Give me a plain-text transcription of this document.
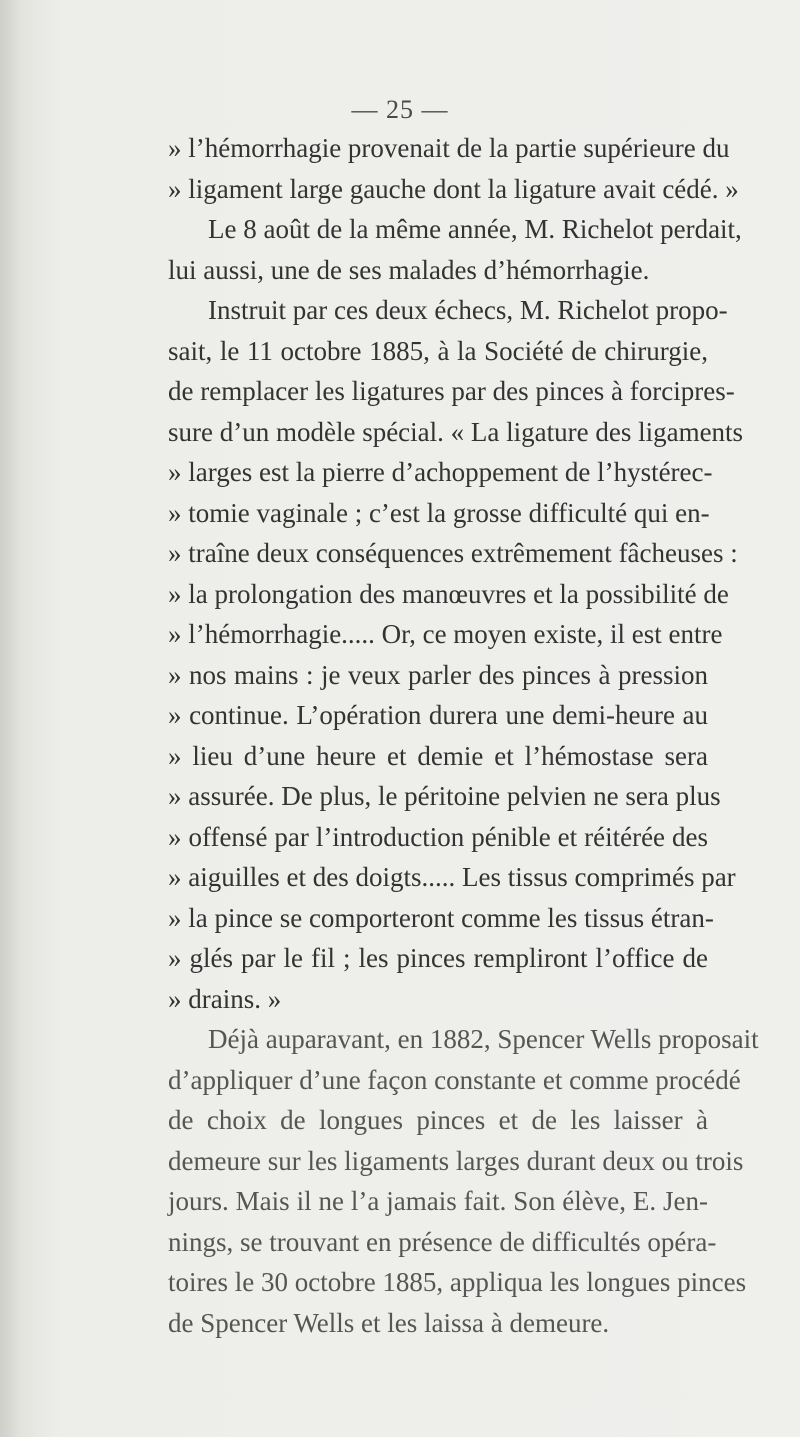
— 25 —
» l’hémorrhagie provenait de la partie supérieure du
» ligament large gauche dont la ligature avait cédé. »
Le 8 août de la même année, M. Richelot perdait,
lui aussi, une de ses malades d’hémorrhagie.
Instruit par ces deux échecs, M. Richelot propo-
sait, le 11 octobre 1885, à la Société de chirurgie,
de remplacer les ligatures par des pinces à forcipres-
sure d’un modèle spécial. « La ligature des ligaments
» larges est la pierre d’achoppement de l’hystérec-
» tomie vaginale ; c’est la grosse difficulté qui en-
» traîne deux conséquences extrêmement fâcheuses :
» la prolongation des manœuvres et la possibilité de
» l’hémorrhagie..... Or, ce moyen existe, il est entre
» nos mains : je veux parler des pinces à pression
» continue. L’opération durera une demi-heure au
» lieu d’une heure et demie et l’hémostase sera
» assurée. De plus, le péritoine pelvien ne sera plus
» offensé par l’introduction pénible et réitérée des
» aiguilles et des doigts..... Les tissus comprimés par
» la pince se comporteront comme les tissus étran-
» glés par le fil ; les pinces rempliront l’office de
» drains. »
Déjà auparavant, en 1882, Spencer Wells proposait
d’appliquer d’une façon constante et comme procédé
de choix de longues pinces et de les laisser à
demeure sur les ligaments larges durant deux ou trois
jours. Mais il ne l’a jamais fait. Son élève, E. Jen-
nings, se trouvant en présence de difficultés opéra-
toires le 30 octobre 1885, appliqua les longues pinces
de Spencer Wells et les laissa à demeure.
